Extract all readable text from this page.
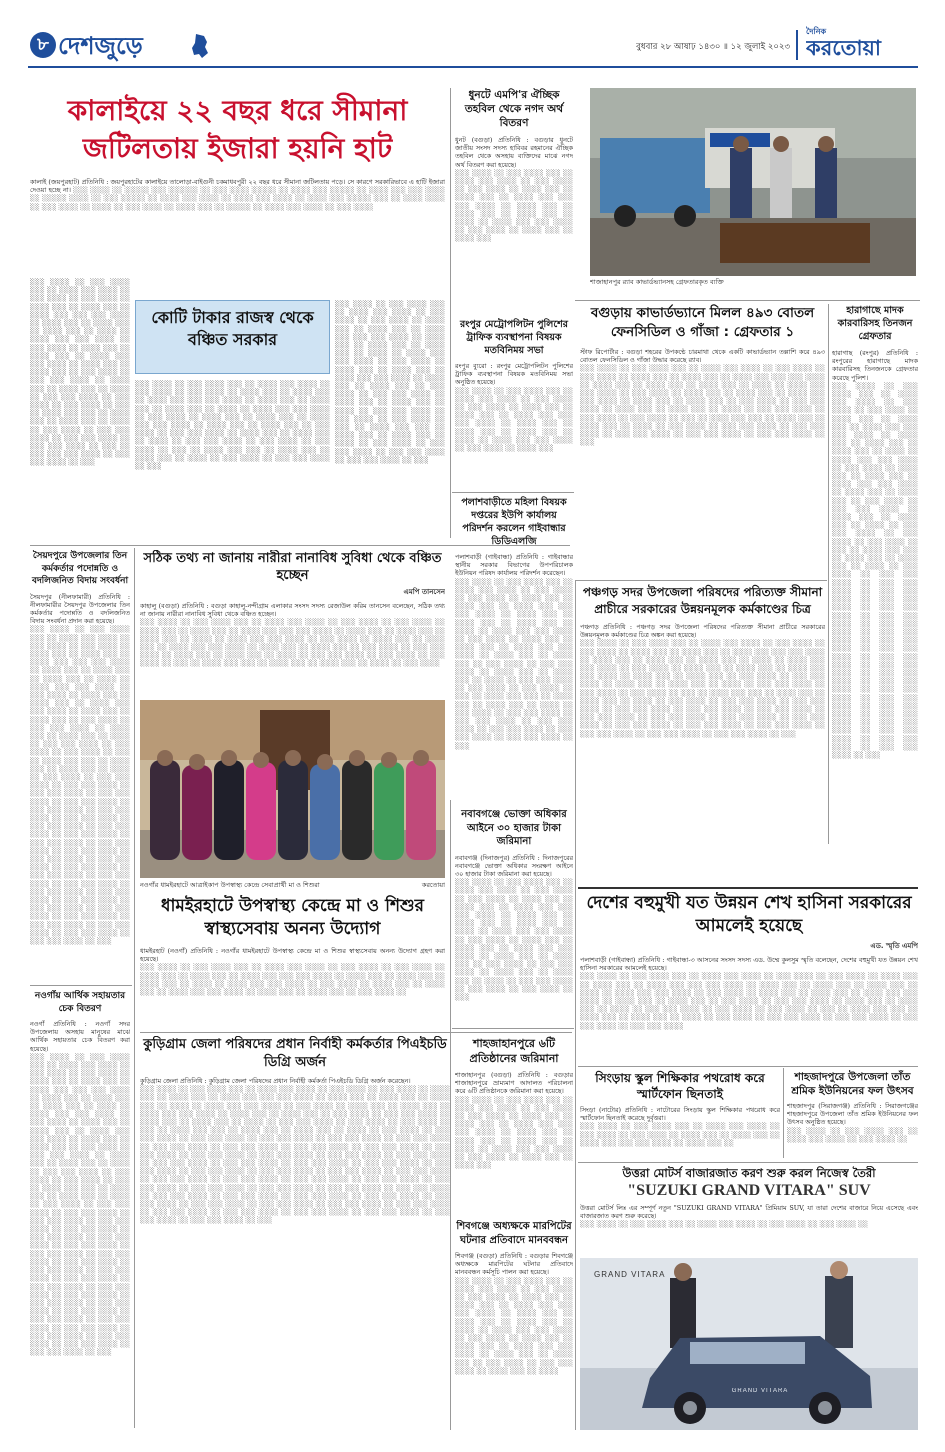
৮ দেশজুড়ে	বুধবার ২৮ আষাঢ় ১৪৩০ ॥ ১২ জুলাই ২০২৩
দৈনিক
করতোয়া
কালাইয়ে ২২ বছর ধরে সীমানা
জটিলতায় ইজারা হয়নি হাট
কালাই (জয়পুরহাট) প্রতিনিধি : জয়পুরহাটের কালাইয়ে তালোড়া-বাইগুনী চকমাধবপুরী ২২ বছর ধরে সীমানা জটিলতায় পড়ে। সে কারণে সরকারিভাবে এ হাটি ইজারা দেওয়া হচ্ছে না। ░░░ ░░░░ ░░ ░░░░░ ░░░ ░░░░░░ ░░ ░░░ ░░░░ ░░░░░ ░░ ░░░░ ░░░ ░░░░░ ░░ ░░░░ ░░░ ░░░ ░░░░ ░░ ░░░░░ ░░░░ ░░ ░░░ ░░░░░ ░░ ░░░░ ░░░ ░░░░ ░░ ░░░░ ░░░ ░░░░ ░░ ░░░░ ░░░ ░░░░░ ░░░ ░░ ░░░░ ░░░░ ░░ ░░░ ░░░░ ░░ ░░░░ ░░ ░░░ ░░░░ ░░ ░░░░ ░░░ ░░ ░░░░░ ░░ ░░░░ ░░░ ░░░░ ░░ ░░░ ░░░░
░░░ ░░░░ ░░ ░░░ ░░░░ ░░░ ░░ ░░░░ ░░░ ░░░░ ░░ ░░░ ░░░░ ░░ ░░░ ░░░░ ░░ ░░░░ ░░░ ░░ ░░░░ ░░░ ░░ ░░░░ ░░░ ░░░ ░░░ ░░░░ ░░ ░░░░ ░░░ ░░ ░░░░ ░░░ ░░ ░░░░ ░░░ ░░ ░░░░ ░░ ░░░░ ░░░ ░░░ ░░░░ ░░ ░░░ ░░░░ ░░ ░░░░ ░░░ ░░ ░░░░ ░░░ ░░ ░░░░ ░░░ ░░░ ░░░░ ░░ ░░░░ ░░░ ░░ ░░░░ ░░░ ░░ ░░░ ░░░░ ░░ ░░░ ░░░ ░░░░ ░░ ░░░░ ░░░ ░░ ░░░░ ░░░ ░░ ░░░░ ░░ ░░░ ░░░ ░░░░ ░░ ░░░ ░░░░ ░░ ░░░ ░░░░ ░░ ░░░ ░░ ░░░░ ░░░ ░░░ ░░ ░░░░ ░░░ ░░ ░░░░ ░░░ ░░ ░░░░ ░░ ░░░ ░░░░ ░░ ░░░ ░░░ ░░░░ ░░ ░░░ ░░░ ░░░░ ░░ ░░░ ░░░ ░░░░ ░░ ░░░ ░░ ░░░ ░░░ ░░░ ░░░░ ░░ ░░░ ░░░ ░░░░ ░░ ░░░
কোটি টাকার রাজস্ব থেকে বঞ্চিত সরকার
░░░ ░░░░ ░░ ░░░ ░░░░ ░░░ ░░ ░░░░ ░░░ ░░░░ ░░ ░░░ ░░░░ ░░ ░░░ ░░░░ ░░ ░░░░ ░░░ ░░ ░░░░ ░░░ ░░ ░░░░ ░░░ ░░░ ░░░ ░░░░ ░░ ░░░░ ░░░ ░░ ░░░░ ░░░ ░░ ░░░░ ░░░ ░░ ░░░░ ░░ ░░░░ ░░░ ░░░ ░░░░ ░░ ░░░ ░░░░ ░░ ░░░░ ░░░ ░░ ░░░░ ░░░ ░░ ░░░░ ░░░ ░░░ ░░░░ ░░ ░░░░ ░░░ ░░ ░░░░ ░░░ ░░ ░░░ ░░░░ ░░ ░░░ ░░░ ░░░░ ░░ ░░░░ ░░░ ░░ ░░░░ ░░░ ░░ ░░░░ ░░ ░░░ ░░░ ░░░░ ░░ ░░░ ░░░░ ░░ ░░░ ░░░░ ░░ ░░░ ░░ ░░░░ ░░░ ░░░ ░░ ░░░░ ░░░ ░░ ░░░░ ░░░ ░░ ░░░░ ░░ ░░░ ░░░░ ░░ ░░░ ░░░ ░░░░ ░░ ░░░
░░░ ░░░░ ░░ ░░░ ░░░░ ░░░ ░░ ░░░░ ░░░ ░░░░ ░░ ░░░ ░░░░ ░░ ░░░ ░░░░ ░░ ░░░░ ░░░ ░░ ░░░░ ░░░ ░░ ░░░░ ░░░ ░░░ ░░░ ░░░░ ░░ ░░░░ ░░░ ░░ ░░░░ ░░░ ░░ ░░░░ ░░░ ░░ ░░░░ ░░ ░░░░ ░░░ ░░░ ░░░░ ░░ ░░░ ░░░░ ░░ ░░░░ ░░░ ░░ ░░░░ ░░░ ░░ ░░░░ ░░░ ░░░ ░░░░ ░░ ░░░░ ░░░ ░░ ░░░░ ░░░ ░░ ░░░ ░░░░ ░░ ░░░ ░░░ ░░░░ ░░ ░░░░ ░░░ ░░ ░░░░ ░░░ ░░ ░░░░ ░░ ░░░ ░░░ ░░░░ ░░ ░░░ ░░░░ ░░ ░░░ ░░░░ ░░ ░░░ ░░ ░░░░ ░░░ ░░░ ░░ ░░░░ ░░░ ░░ ░░░░ ░░░ ░░ ░░░░ ░░ ░░░ ░░░░ ░░ ░░░ ░░░ ░░░░ ░░ ░░░ ░░░ ░░░░ ░░ ░░░ ░░░ ░░░░ ░░ ░░░
ধুনটে এমপি'র ঐচ্ছিক তহবিল থেকে নগদ অর্থ বিতরণ
ধুনট (বগুড়া) প্রতিনিধি : বগুড়ার ধুনটে জাতীয় সংসদ সদস্য হাবিবর রহমানের ঐচ্ছিক তহবিল থেকে অসহায় ব্যক্তিদের মাঝে নগদ অর্থ বিতরণ করা হয়েছে।
░░░ ░░░░ ░░ ░░░ ░░░░ ░░░ ░░ ░░░░ ░░░ ░░░░ ░░ ░░░ ░░░░ ░░ ░░░ ░░░░ ░░ ░░░░ ░░░ ░░ ░░░░ ░░░ ░░ ░░░░ ░░░ ░░░ ░░░ ░░░░ ░░ ░░░░ ░░░ ░░ ░░░░ ░░░ ░░ ░░░░ ░░░ ░░ ░░░░ ░░ ░░░░ ░░░ ░░░ ░░░░ ░░ ░░░ ░░░░ ░░ ░░░░ ░░░ ░░ ░░░░ ░░░
শাজাহানপুর র‌্যাব কাভার্ডভ্যানসহ গ্রেফতারকৃত ব্যক্তি
বগুড়ায় কাভার্ডভ্যানে মিলল ৪৯৩ বোতল ফেনসিডিল ও গাঁজা : গ্রেফতার ১
স্টাফ রিপোর্টার : বগুড়া শহরের উপকণ্ঠে চারমাথা থেকে একটি কাভার্ডভ্যান তল্লাশি করে ৪৯৩ বোতল ফেনসিডিল ও গাঁজা উদ্ধার করেছে র‌্যাব।
░░░ ░░░░ ░░ ░░░ ░░░░ ░░░ ░░ ░░░░ ░░░ ░░░░ ░░ ░░░ ░░░░ ░░ ░░░ ░░░░ ░░ ░░░░ ░░░ ░░ ░░░░ ░░░ ░░ ░░░░ ░░░ ░░░ ░░░ ░░░░ ░░ ░░░░ ░░░ ░░ ░░░░ ░░░ ░░ ░░░░ ░░░ ░░ ░░░░ ░░ ░░░░ ░░░ ░░░ ░░░░ ░░ ░░░ ░░░░ ░░ ░░░░ ░░░ ░░ ░░░░ ░░░ ░░ ░░░░ ░░░ ░░░ ░░░░ ░░ ░░░░ ░░░ ░░ ░░░░ ░░░ ░░ ░░░ ░░░░ ░░ ░░░ ░░░ ░░░░ ░░ ░░░░ ░░░ ░░ ░░░░ ░░░ ░░ ░░░░ ░░ ░░░ ░░░ ░░░░ ░░ ░░░ ░░░░ ░░ ░░░ ░░░░ ░░ ░░░ ░░ ░░░░ ░░░ ░░░ ░░ ░░░░ ░░░ ░░ ░░░░ ░░░ ░░ ░░░░ ░░ ░░░ ░░░░ ░░ ░░░ ░░░ ░░░░ ░░ ░░░ ░░░ ░░░░ ░░ ░░░ ░░░ ░░░░ ░░ ░░░ ░░░ ░░░░ ░░ ░░░ ░░░ ░░░░ ░░ ░░░
হারাগাছে মাদক কারবারিসহ তিনজন গ্রেফতার
হারাগাছ (রংপুর) প্রতিনিধি : রংপুরের হারাগাছে মাদক কারবারিসহ তিনজনকে গ্রেফতার করেছে পুলিশ।
░░░ ░░░░ ░░ ░░░ ░░░░ ░░░ ░░ ░░░░ ░░░ ░░░░ ░░ ░░░ ░░░░ ░░ ░░░ ░░░░ ░░ ░░░░ ░░░ ░░ ░░░░ ░░░ ░░ ░░░░ ░░░ ░░░ ░░░ ░░░░ ░░ ░░░░ ░░░ ░░ ░░░░ ░░░ ░░ ░░░░ ░░░ ░░ ░░░░ ░░ ░░░░ ░░░ ░░░ ░░░░ ░░ ░░░ ░░░░ ░░ ░░░░ ░░░ ░░ ░░░░ ░░░ ░░ ░░░░ ░░░ ░░░ ░░░░ ░░ ░░░░ ░░░ ░░ ░░░░ ░░░ ░░ ░░░ ░░░░ ░░ ░░░ ░░░ ░░░░ ░░ ░░░░ ░░░ ░░ ░░░░ ░░░ ░░ ░░░░ ░░ ░░░ ░░░ ░░░░ ░░ ░░░ ░░░░ ░░ ░░░ ░░░░ ░░ ░░░ ░░ ░░░░ ░░░ ░░░ ░░ ░░░░ ░░░ ░░ ░░░░ ░░░ ░░ ░░░░ ░░ ░░░ ░░░░ ░░ ░░░ ░░░ ░░░░ ░░ ░░░ ░░░ ░░░░ ░░ ░░░ ░░░ ░░░░ ░░ ░░░ ░░░ ░░░░ ░░ ░░░ ░░░ ░░░░ ░░ ░░░ ░░░ ░░░░ ░░ ░░░ ░░░ ░░░░ ░░ ░░░ ░░░ ░░░░ ░░ ░░░ ░░░ ░░░░ ░░ ░░░ ░░░ ░░░░ ░░ ░░░ ░░░ ░░░░ ░░ ░░░ ░░░ ░░░░ ░░ ░░░ ░░░ ░░░░ ░░ ░░░ ░░░ ░░░░ ░░ ░░░ ░░░ ░░░░ ░░ ░░░ ░░░ ░░░░ ░░ ░░░ ░░░ ░░░░ ░░ ░░░ ░░░ ░░░░ ░░ ░░░ ░░░ ░░░░ ░░ ░░░ ░░░ ░░░░ ░░ ░░░ ░░░ ░░░░ ░░ ░░░ ░░░ ░░░░ ░░ ░░░
রংপুর মেট্রোপলিটন পুলিশের ট্রাফিক ব্যবস্থাপনা বিষয়ক মতবিনিময় সভা
রংপুর ব্যুরো : রংপুর মেট্রোপলিটন পুলিশের ট্রাফিক ব্যবস্থাপনা বিষয়ক মতবিনিময় সভা অনুষ্ঠিত হয়েছে।
░░░ ░░░░ ░░ ░░░ ░░░░ ░░░ ░░ ░░░░ ░░░ ░░░░ ░░ ░░░ ░░░░ ░░ ░░░ ░░░░ ░░ ░░░░ ░░░ ░░ ░░░░ ░░░ ░░ ░░░░ ░░░ ░░░ ░░░ ░░░░ ░░ ░░░░ ░░░ ░░ ░░░░ ░░░ ░░ ░░░░ ░░░ ░░ ░░░░ ░░ ░░░░ ░░░ ░░░ ░░░░ ░░ ░░░ ░░░░ ░░ ░░░░ ░░░
পঞ্চগড় সদর উপজেলা পরিষদের পরিত্যক্ত সীমানা প্রাচীরে সরকারের উন্নয়নমূলক কর্মকাণ্ডের চিত্র
পঞ্চগড় প্রতিনিধি : পঞ্চগড় সদর উপজেলা পরিষদের পরিত্যক্ত সীমানা প্রাচীরে সরকারের উন্নয়নমূলক কর্মকাণ্ডের চিত্র অঙ্কন করা হয়েছে।
░░░ ░░░░ ░░ ░░░ ░░░░ ░░░ ░░ ░░░░ ░░░ ░░░░ ░░ ░░░ ░░░░ ░░ ░░░ ░░░░ ░░ ░░░░ ░░░ ░░ ░░░░ ░░░ ░░ ░░░░ ░░░ ░░░ ░░░ ░░░░ ░░ ░░░░ ░░░ ░░ ░░░░ ░░░ ░░ ░░░░ ░░░ ░░ ░░░░ ░░ ░░░░ ░░░ ░░░ ░░░░ ░░ ░░░ ░░░░ ░░ ░░░░ ░░░ ░░ ░░░░ ░░░ ░░ ░░░░ ░░░ ░░░ ░░░░ ░░ ░░░░ ░░░ ░░ ░░░░ ░░░ ░░ ░░░ ░░░░ ░░ ░░░ ░░░ ░░░░ ░░ ░░░░ ░░░ ░░ ░░░░ ░░░ ░░ ░░░░ ░░ ░░░ ░░░ ░░░░ ░░ ░░░ ░░░░ ░░ ░░░ ░░░░ ░░ ░░░ ░░ ░░░░ ░░░ ░░░ ░░ ░░░░ ░░░ ░░ ░░░░ ░░░ ░░ ░░░░ ░░ ░░░ ░░░░ ░░ ░░░ ░░░ ░░░░ ░░ ░░░ ░░░ ░░░░ ░░ ░░░ ░░░ ░░░░ ░░ ░░░ ░░░ ░░░░ ░░ ░░░ ░░░ ░░░░ ░░ ░░░ ░░░ ░░░░ ░░ ░░░ ░░░ ░░░░ ░░ ░░░ ░░░ ░░░░ ░░ ░░░ ░░░ ░░░░ ░░ ░░░ ░░░ ░░░░ ░░ ░░░ ░░░ ░░░░ ░░ ░░░ ░░░ ░░░░ ░░ ░░░ ░░░ ░░░░ ░░ ░░░ ░░░ ░░░░ ░░ ░░░ ░░░ ░░░░ ░░ ░░░
পলাশবাড়ীতে মহিলা বিষয়ক দপ্তরের ইউপি কার্যালয় পরিদর্শন করলেন গাইবান্ধার ডিডিএলজি
পলাশবাড়ী (গাইবান্ধা) প্রতিনিধি : গাইবান্ধার স্থানীয় সরকার বিভাগের উপপরিচালক ইউনিয়ন পরিষদ কার্যালয় পরিদর্শন করেছেন।
░░░ ░░░░ ░░ ░░░ ░░░░ ░░░ ░░ ░░░░ ░░░ ░░░░ ░░ ░░░ ░░░░ ░░ ░░░ ░░░░ ░░ ░░░░ ░░░ ░░ ░░░░ ░░░ ░░ ░░░░ ░░░ ░░░ ░░░ ░░░░ ░░ ░░░░ ░░░ ░░ ░░░░ ░░░ ░░ ░░░░ ░░░ ░░ ░░░░ ░░ ░░░░ ░░░ ░░░ ░░░░ ░░ ░░░ ░░░░ ░░ ░░░░ ░░░ ░░ ░░░░ ░░░ ░░ ░░░░ ░░░ ░░░ ░░░░ ░░ ░░░░ ░░░ ░░ ░░░░ ░░░ ░░ ░░░ ░░░░ ░░ ░░░ ░░░ ░░░░ ░░ ░░░░ ░░░ ░░ ░░░░ ░░░ ░░ ░░░░ ░░ ░░░ ░░░ ░░░░ ░░ ░░░ ░░░░ ░░ ░░░ ░░░░ ░░ ░░░ ░░ ░░░░ ░░░ ░░░ ░░ ░░░░ ░░░ ░░ ░░░░ ░░░ ░░ ░░░░ ░░ ░░░ ░░░░ ░░ ░░░ ░░░ ░░░░ ░░ ░░░ ░░░ ░░░░ ░░ ░░░ ░░░ ░░░░ ░░ ░░░ ░░░ ░░░░ ░░ ░░░ ░░░ ░░░░ ░░ ░░░ ░░░ ░░░░ ░░ ░░░
সৈয়দপুরে উপজেলার তিন কর্মকর্তার পদোন্নতি ও বদলিজনিত বিদায় সংবর্ধনা
সৈয়দপুর (নীলফামারী) প্রতিনিধি : নীলফামারীর সৈয়দপুর উপজেলার তিন কর্মকর্তার পদোন্নতি ও বদলিজনিত বিদায় সংবর্ধনা প্রদান করা হয়েছে।
░░░ ░░░░ ░░ ░░░ ░░░░ ░░░ ░░ ░░░░ ░░░ ░░░░ ░░ ░░░ ░░░░ ░░ ░░░ ░░░░ ░░ ░░░░ ░░░ ░░ ░░░░ ░░░ ░░ ░░░░ ░░░ ░░░ ░░░ ░░░░ ░░ ░░░░ ░░░ ░░ ░░░░ ░░░ ░░ ░░░░ ░░░ ░░ ░░░░ ░░ ░░░░ ░░░ ░░░ ░░░░ ░░ ░░░ ░░░░ ░░ ░░░░ ░░░ ░░ ░░░░ ░░░ ░░ ░░░░ ░░░ ░░░ ░░░░ ░░ ░░░░ ░░░ ░░ ░░░░ ░░░ ░░ ░░░ ░░░░ ░░ ░░░ ░░░ ░░░░ ░░ ░░░░ ░░░ ░░ ░░░░ ░░░ ░░ ░░░░ ░░ ░░░ ░░░ ░░░░ ░░ ░░░ ░░░░ ░░ ░░░ ░░░░ ░░ ░░░ ░░ ░░░░ ░░░ ░░░ ░░ ░░░░ ░░░ ░░ ░░░░ ░░░ ░░ ░░░░ ░░ ░░░ ░░░░ ░░ ░░░ ░░░ ░░░░ ░░ ░░░ ░░░ ░░░░ ░░ ░░░ ░░░ ░░░░ ░░ ░░░ ░░░ ░░░░ ░░ ░░░ ░░░ ░░░░ ░░ ░░░ ░░░ ░░░░ ░░ ░░░ ░░░ ░░░░ ░░ ░░░ ░░░ ░░░░ ░░ ░░░ ░░░ ░░░░ ░░ ░░░ ░░░ ░░░░ ░░ ░░░ ░░░ ░░░░ ░░ ░░░ ░░░ ░░░░ ░░ ░░░ ░░░ ░░░░ ░░ ░░░ ░░░ ░░░░ ░░ ░░░ ░░░ ░░░░ ░░ ░░░ ░░░ ░░░░ ░░ ░░░ ░░░ ░░░░ ░░ ░░░ ░░░ ░░░░ ░░ ░░░ ░░░ ░░░░ ░░ ░░░ ░░░ ░░░░ ░░ ░░░ ░░░ ░░░░ ░░ ░░░ ░░░ ░░░░ ░░ ░░░ ░░░ ░░░░ ░░ ░░░ ░░░ ░░░░ ░░ ░░░ ░░░ ░░░░ ░░ ░░░ ░░░ ░░░░ ░░ ░░░ ░░░ ░░░░ ░░ ░░░ ░░░ ░░░░ ░░ ░░░ ░░░ ░░░░ ░░ ░░░ ░░░ ░░░░ ░░ ░░░
নওগাঁয় আর্থিক সহায়তার চেক বিতরণ
নওগাঁ প্রতিনিধি : নওগাঁ সদর উপজেলায় অসহায় মানুষের মাঝে আর্থিক সহায়তার চেক বিতরণ করা হয়েছে।
░░░ ░░░░ ░░ ░░░ ░░░░ ░░░ ░░ ░░░░ ░░░ ░░░░ ░░ ░░░ ░░░░ ░░ ░░░ ░░░░ ░░ ░░░░ ░░░ ░░ ░░░░ ░░░ ░░ ░░░░ ░░░ ░░░ ░░░ ░░░░ ░░ ░░░░ ░░░ ░░ ░░░░ ░░░ ░░ ░░░░ ░░░ ░░ ░░░░ ░░ ░░░░ ░░░ ░░░ ░░░░ ░░ ░░░ ░░░░ ░░ ░░░░ ░░░ ░░ ░░░░ ░░░ ░░ ░░░░ ░░░ ░░░ ░░░░ ░░ ░░░░ ░░░ ░░ ░░░░ ░░░ ░░ ░░░ ░░░░ ░░ ░░░ ░░░ ░░░░ ░░ ░░░░ ░░░ ░░ ░░░░ ░░░ ░░ ░░░░ ░░ ░░░ ░░░ ░░░░ ░░ ░░░ ░░░░ ░░ ░░░ ░░░░ ░░ ░░░ ░░ ░░░░ ░░░ ░░░ ░░ ░░░░ ░░░ ░░ ░░░░ ░░░ ░░ ░░░░ ░░ ░░░ ░░░░ ░░ ░░░ ░░░ ░░░░ ░░ ░░░ ░░░ ░░░░ ░░ ░░░ ░░░ ░░░░ ░░ ░░░ ░░░ ░░░░ ░░ ░░░ ░░░ ░░░░ ░░ ░░░ ░░░ ░░░░ ░░ ░░░ ░░░ ░░░░ ░░ ░░░ ░░░ ░░░░ ░░ ░░░ ░░░ ░░░░ ░░ ░░░ ░░░ ░░░░ ░░ ░░░ ░░░ ░░░░ ░░ ░░░ ░░░ ░░░░ ░░ ░░░ ░░░ ░░░░ ░░ ░░░ ░░░ ░░░░ ░░ ░░░ ░░░ ░░░░ ░░ ░░░ ░░░ ░░░░ ░░ ░░░ ░░░ ░░░░ ░░ ░░░ ░░░ ░░░░ ░░ ░░░ ░░░ ░░░░ ░░ ░░░ ░░░ ░░░░ ░░ ░░░ ░░░ ░░░░ ░░ ░░░ ░░░ ░░░░ ░░ ░░░ ░░░ ░░░░ ░░ ░░░ ░░░ ░░░░ ░░ ░░░ ░░░ ░░░░ ░░ ░░░ ░░░ ░░░░ ░░ ░░░ ░░░ ░░░░ ░░ ░░░
সঠিক তথ্য না জানায় নারীরা নানাবিধ সুবিধা থেকে বঞ্চিত হচ্ছেন
এমপি তানসেন
কাহালু (বগুড়া) প্রতিনিধি : বগুড়া কাহালু-নন্দীগ্রাম এলাকার সংসদ সদস্য রেজাউল করিম তানসেন বলেছেন, সঠিক তথ্য না জানায় নারীরা নানাবিধ সুবিধা থেকে বঞ্চিত হচ্ছেন।
░░░ ░░░░ ░░ ░░░ ░░░░ ░░░ ░░ ░░░░ ░░░ ░░░░ ░░ ░░░ ░░░░ ░░ ░░░ ░░░░ ░░ ░░░░ ░░░ ░░ ░░░░ ░░░ ░░ ░░░░ ░░░ ░░░ ░░░ ░░░░ ░░ ░░░░ ░░░ ░░ ░░░░ ░░░ ░░ ░░░░ ░░░ ░░ ░░░░ ░░ ░░░░ ░░░ ░░░ ░░░░ ░░ ░░░ ░░░░ ░░ ░░░░ ░░░ ░░ ░░░░ ░░░ ░░ ░░░░ ░░░ ░░░ ░░░░ ░░ ░░░░ ░░░ ░░ ░░░░ ░░░ ░░ ░░░ ░░░░ ░░ ░░░ ░░░ ░░░░ ░░ ░░░░ ░░░ ░░ ░░░░ ░░░ ░░ ░░░░ ░░ ░░░ ░░░ ░░░░ ░░ ░░░ ░░░░ ░░ ░░░ ░░░░ ░░ ░░░ ░░ ░░░░ ░░░ ░░░ ░░ ░░░░ ░░░ ░░ ░░░░ ░░░ ░░ ░░░░ ░░ ░░░ ░░░░
নওগাঁর ধামইরহাটে আত্রাইকাপ উপস্বাস্থ্য কেন্দ্রে সেবাপ্রার্থী মা ও শিশুরা	করতোয়া
ধামইরহাটে উপস্বাস্থ্য কেন্দ্রে মা ও শিশুর স্বাস্থ্যসেবায় অনন্য উদ্যোগ
ধামইরহাট (নওগাঁ) প্রতিনিধি : নওগাঁর ধামইরহাটে উপস্বাস্থ্য কেন্দ্রে মা ও শিশুর স্বাস্থ্যসেবায় অনন্য উদ্যোগ গ্রহণ করা হয়েছে।
░░░ ░░░░ ░░ ░░░ ░░░░ ░░░ ░░ ░░░░ ░░░ ░░░░ ░░ ░░░ ░░░░ ░░ ░░░ ░░░░ ░░ ░░░░ ░░░ ░░ ░░░░ ░░░ ░░ ░░░░ ░░░ ░░░ ░░░ ░░░░ ░░ ░░░░ ░░░ ░░ ░░░░ ░░░ ░░ ░░░░ ░░░ ░░ ░░░░ ░░ ░░░░ ░░░ ░░░ ░░░░ ░░ ░░░ ░░░░ ░░ ░░░░ ░░░ ░░ ░░░░ ░░░ ░░ ░░░░ ░░░ ░░░ ░░░░ ░░ ░░░░ ░░░ ░░ ░░░░ ░░░ ░░ ░░░ ░░░░ ░░
কুড়িগ্রাম জেলা পরিষদের প্রধান নির্বাহী কর্মকর্তার পিএইচডি ডিগ্রি অর্জন
কুড়িগ্রাম জেলা প্রতিনিধি : কুড়িগ্রাম জেলা পরিষদের প্রধান নির্বাহী কর্মকর্তা পিএইচডি ডিগ্রি অর্জন করেছেন।
░░░ ░░░░ ░░ ░░░ ░░░░ ░░░ ░░ ░░░░ ░░░ ░░░░ ░░ ░░░ ░░░░ ░░ ░░░ ░░░░ ░░ ░░░░ ░░░ ░░ ░░░░ ░░░ ░░ ░░░░ ░░░ ░░░ ░░░ ░░░░ ░░ ░░░░ ░░░ ░░ ░░░░ ░░░ ░░ ░░░░ ░░░ ░░ ░░░░ ░░ ░░░░ ░░░ ░░░ ░░░░ ░░ ░░░ ░░░░ ░░ ░░░░ ░░░ ░░ ░░░░ ░░░ ░░ ░░░░ ░░░ ░░░ ░░░░ ░░ ░░░░ ░░░ ░░ ░░░░ ░░░ ░░ ░░░ ░░░░ ░░ ░░░ ░░░ ░░░░ ░░ ░░░░ ░░░ ░░ ░░░░ ░░░ ░░ ░░░░ ░░ ░░░ ░░░ ░░░░ ░░ ░░░ ░░░░ ░░ ░░░ ░░░░ ░░ ░░░ ░░ ░░░░ ░░░ ░░░ ░░ ░░░░ ░░░ ░░ ░░░░ ░░░ ░░ ░░░░ ░░ ░░░ ░░░░ ░░ ░░░ ░░░ ░░░░ ░░ ░░░ ░░░ ░░░░ ░░ ░░░ ░░░ ░░░░ ░░ ░░░ ░░░ ░░░░ ░░ ░░░ ░░░ ░░░░ ░░ ░░░ ░░░ ░░░░ ░░ ░░░ ░░░ ░░░░ ░░ ░░░ ░░░ ░░░░ ░░ ░░░ ░░░ ░░░░ ░░ ░░░ ░░░ ░░░░ ░░ ░░░ ░░░ ░░░░ ░░ ░░░ ░░░ ░░░░ ░░ ░░░ ░░░ ░░░░ ░░ ░░░ ░░░ ░░░░ ░░ ░░░ ░░░ ░░░░ ░░ ░░░ ░░░ ░░░░ ░░ ░░░ ░░░ ░░░░ ░░ ░░░ ░░░ ░░░░ ░░ ░░░ ░░░ ░░░░ ░░ ░░░ ░░░ ░░░░ ░░ ░░░ ░░░ ░░░░ ░░ ░░░ ░░░ ░░░░ ░░ ░░░ ░░░ ░░░░ ░░ ░░░ ░░░ ░░░░ ░░ ░░░ ░░░ ░░░░ ░░ ░░░ ░░░ ░░░░ ░░ ░░░ ░░░ ░░░░ ░░ ░░░ ░░░ ░░░░ ░░ ░░░ ░░░ ░░░░ ░░ ░░░ ░░░ ░░░░ ░░ ░░░ ░░░ ░░░░ ░░ ░░░ ░░░ ░░░░ ░░ ░░░ ░░░ ░░░░ ░░ ░░░ ░░░ ░░░░ ░░ ░░░ ░░░ ░░░░ ░░ ░░░ ░░░ ░░░░ ░░ ░░░ ░░░ ░░░░ ░░ ░░░ ░░░ ░░░░ ░░ ░░░ ░░░ ░░░░ ░░ ░░░ ░░░ ░░░░ ░░ ░░░ ░░░ ░░░░ ░░ ░░░ ░░░ ░░░░ ░░ ░░░ ░░░ ░░░░ ░░ ░░░ ░░░ ░░░░ ░░ ░░░ ░░░ ░░░░ ░░ ░░░ ░░░ ░░░░ ░░ ░░░ ░░░ ░░░░ ░░ ░░░
নবাবগঞ্জে ভোক্তা অধিকার আইনে ৩০ হাজার টাকা জরিমানা
নবাবগঞ্জ (দিনাজপুর) প্রতিনিধি : দিনাজপুরের নবাবগঞ্জে ভোক্তা অধিকার সংরক্ষণ আইনে ৩০ হাজার টাকা জরিমানা করা হয়েছে।
░░░ ░░░░ ░░ ░░░ ░░░░ ░░░ ░░ ░░░░ ░░░ ░░░░ ░░ ░░░ ░░░░ ░░ ░░░ ░░░░ ░░ ░░░░ ░░░ ░░ ░░░░ ░░░ ░░ ░░░░ ░░░ ░░░ ░░░ ░░░░ ░░ ░░░░ ░░░ ░░ ░░░░ ░░░ ░░ ░░░░ ░░░ ░░ ░░░░ ░░ ░░░░ ░░░ ░░░ ░░░░ ░░ ░░░ ░░░░ ░░ ░░░░ ░░░ ░░ ░░░░ ░░░ ░░ ░░░░ ░░░ ░░░ ░░░░ ░░ ░░░░ ░░░ ░░ ░░░░ ░░░ ░░ ░░░ ░░░░ ░░ ░░░ ░░░ ░░░░ ░░ ░░░░ ░░░ ░░ ░░░░ ░░░ ░░ ░░░░ ░░ ░░░ ░░░ ░░░░ ░░ ░░░ ░░░░ ░░ ░░░ ░░░░ ░░ ░░░
শাহজাহানপুরে ৬টি প্রতিষ্ঠানের জরিমানা
শাজাহানপুর (বগুড়া) প্রতিনিধি : বগুড়ার শাজাহানপুরে ভ্রাম্যমাণ আদালত পরিচালনা করে ৬টি প্রতিষ্ঠানকে জরিমানা করা হয়েছে।
░░░ ░░░░ ░░ ░░░ ░░░░ ░░░ ░░ ░░░░ ░░░ ░░░░ ░░ ░░░ ░░░░ ░░ ░░░ ░░░░ ░░ ░░░░ ░░░ ░░ ░░░░ ░░░ ░░ ░░░░ ░░░ ░░░ ░░░ ░░░░ ░░ ░░░░ ░░░ ░░ ░░░░ ░░░ ░░ ░░░░ ░░░ ░░ ░░░░ ░░ ░░░░ ░░░ ░░░ ░░░░ ░░ ░░░ ░░░░ ░░ ░░░░ ░░░ ░░ ░░░░ ░░░
শিবগঞ্জে অধ্যক্ষকে মারপিটের ঘটনার প্রতিবাদে মানববন্ধন
শিবগঞ্জ (বগুড়া) প্রতিনিধি : বগুড়ার শিবগঞ্জে অধ্যক্ষকে মারপিটের ঘটনার প্রতিবাদে মানববন্ধন কর্মসূচি পালন করা হয়েছে।
░░░ ░░░░ ░░ ░░░ ░░░░ ░░░ ░░ ░░░░ ░░░ ░░░░ ░░ ░░░ ░░░░ ░░ ░░░ ░░░░ ░░ ░░░░ ░░░ ░░ ░░░░ ░░░ ░░ ░░░░ ░░░ ░░░ ░░░ ░░░░ ░░ ░░░░ ░░░ ░░ ░░░░ ░░░ ░░ ░░░░ ░░░ ░░ ░░░░ ░░ ░░░░ ░░░ ░░░ ░░░░ ░░ ░░░ ░░░░ ░░ ░░░░ ░░░ ░░ ░░░░ ░░░ ░░ ░░░░ ░░░ ░░░ ░░░░ ░░ ░░░░ ░░░ ░░ ░░░░ ░░░ ░░ ░░░ ░░░░ ░░ ░░░ ░░░ ░░░░ ░░ ░░░░ ░░░ ░░ ░░░░
দেশের বহুমুখী যত উন্নয়ন শেখ হাসিনা সরকারের আমলেই হয়েছে
এড. স্মৃতি এমপি
পলাশবাড়ী (গাইবান্ধা) প্রতিনিধি : গাইবান্ধা-৩ আসনের সংসদ সদস্য এড. উম্মে কুলসুম স্মৃতি বলেছেন, দেশের বহুমুখী যত উন্নয়ন শেখ হাসিনা সরকারের আমলেই হয়েছে।
░░░ ░░░░ ░░ ░░░ ░░░░ ░░░ ░░ ░░░░ ░░░ ░░░░ ░░ ░░░ ░░░░ ░░ ░░░ ░░░░ ░░ ░░░░ ░░░ ░░ ░░░░ ░░░ ░░ ░░░░ ░░░ ░░░ ░░░ ░░░░ ░░ ░░░░ ░░░ ░░ ░░░░ ░░░ ░░ ░░░░ ░░░ ░░ ░░░░ ░░ ░░░░ ░░░ ░░░ ░░░░ ░░ ░░░ ░░░░ ░░ ░░░░ ░░░ ░░ ░░░░ ░░░ ░░ ░░░░ ░░░ ░░░ ░░░░ ░░ ░░░░ ░░░ ░░ ░░░░ ░░░ ░░ ░░░ ░░░░ ░░ ░░░ ░░░ ░░░░ ░░ ░░░░ ░░░ ░░ ░░░░ ░░░ ░░ ░░░░ ░░ ░░░ ░░░ ░░░░ ░░ ░░░ ░░░░ ░░ ░░░ ░░░░ ░░ ░░░ ░░ ░░░░ ░░░ ░░░ ░░ ░░░░ ░░░ ░░ ░░░░ ░░░ ░░ ░░░░ ░░ ░░░ ░░░░ ░░ ░░░ ░░░ ░░░░ ░░ ░░░ ░░░ ░░░░ ░░ ░░░ ░░░ ░░░░ ░░ ░░░ ░░░ ░░░░
সিংড়ায় স্কুল শিক্ষিকার পথরোধ করে স্মার্টফোন ছিনতাই
সিংড়া (নাটোর) প্রতিনিধি : নাটোরের সিংড়ায় স্কুল শিক্ষিকার পথরোধ করে স্মার্টফোন ছিনতাই করেছে দুর্বৃত্তরা।
░░░ ░░░░ ░░ ░░░ ░░░░ ░░░ ░░ ░░░░ ░░░ ░░░░ ░░ ░░░ ░░░░ ░░ ░░░ ░░░░ ░░ ░░░░ ░░░ ░░ ░░░░ ░░░ ░░ ░░░░ ░░░ ░░░ ░░░ ░░░░ ░░ ░░░░ ░░░ ░░
শাহজাদপুরে উপজেলা তাঁত শ্রমিক ইউনিয়নের ফল উৎসব
শাহজাদপুর (সিরাজগঞ্জ) প্রতিনিধি : সিরাজগঞ্জের শাহজাদপুরে উপজেলা তাঁত শ্রমিক ইউনিয়নের ফল উৎসব অনুষ্ঠিত হয়েছে।
░░░ ░░░░ ░░ ░░░ ░░░░ ░░░ ░░ ░░░░ ░░░ ░░░░ ░░ ░░░ ░░░░ ░░
উত্তরা মোটর্স বাজারজাত করণ শুরু করল নিজেস্ব তৈরী
"SUZUKI GRAND VITARA" SUV
উত্তরা মোটর্স লিঃ এর সম্পূর্ণ নতুন "SUZUKI GRAND VITARA" প্রিমিয়াম SUV, যা তারা দেশের বাজারে নিয়ে এসেছে এবং বাজারজাত করণ শুরু করেছে।
░░░ ░░░░ ░░ ░░░ ░░░░ ░░░ ░░ ░░░░ ░░░ ░░░░ ░░ ░░░ ░░░░ ░░ ░░░ ░░░░ ░░
GRAND VITARA
GRAND VITARA
